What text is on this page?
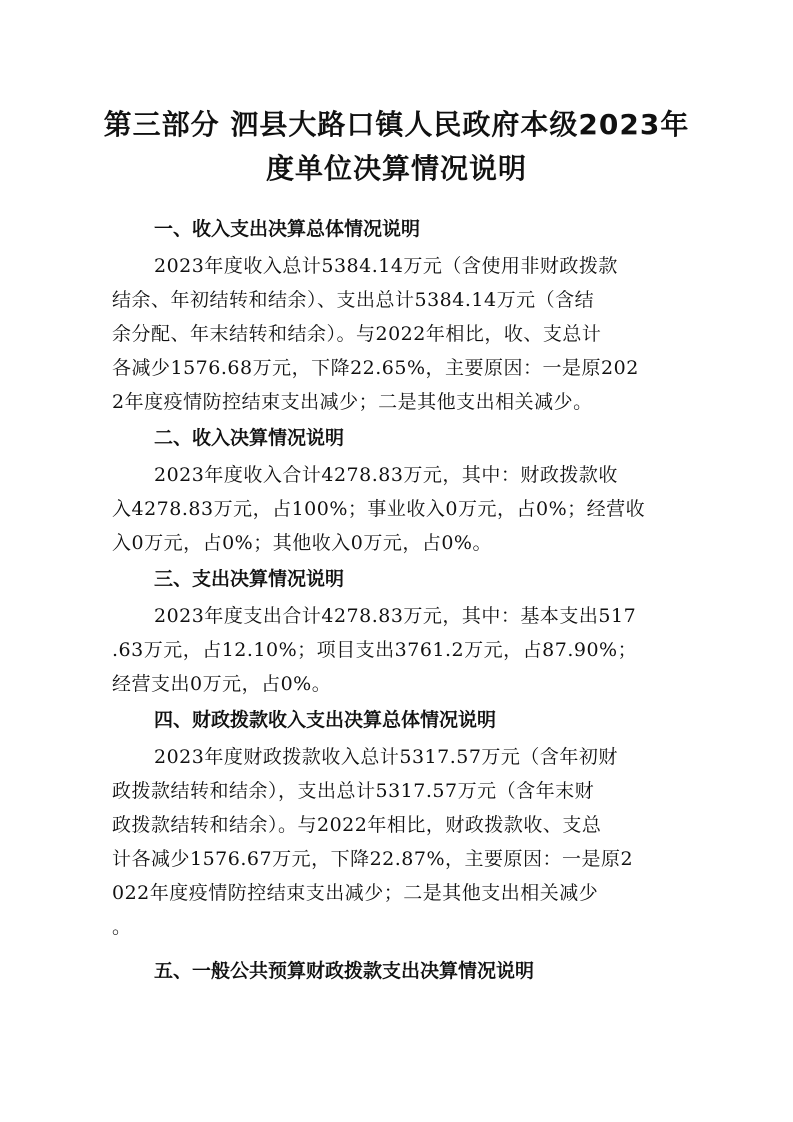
第三部分 泗县大路口镇人民政府本级2023年
度单位决算情况说明
一、收入支出决算总体情况说明
2023年度收入总计5384.14万元（含使用非财政拨款
结余、年初结转和结余）、支出总计5384.14万元（含结
余分配、年末结转和结余）。与2022年相比，收、支总计
各减少1576.68万元，下降22.65%，主要原因：一是原202
2年度疫情防控结束支出减少；二是其他支出相关减少。
二、收入决算情况说明
2023年度收入合计4278.83万元，其中：财政拨款收
入4278.83万元，占100%；事业收入0万元，占0%；经营收
入0万元，占0%；其他收入0万元，占0%。
三、支出决算情况说明
2023年度支出合计4278.83万元，其中：基本支出517
.63万元，占12.10%；项目支出3761.2万元，占87.90%；
经营支出0万元，占0%。
四、财政拨款收入支出决算总体情况说明
2023年度财政拨款收入总计5317.57万元（含年初财
政拨款结转和结余），支出总计5317.57万元（含年末财
政拨款结转和结余）。与2022年相比，财政拨款收、支总
计各减少1576.67万元，下降22.87%，主要原因：一是原2
022年度疫情防控结束支出减少；二是其他支出相关减少
。
五、一般公共预算财政拨款支出决算情况说明
